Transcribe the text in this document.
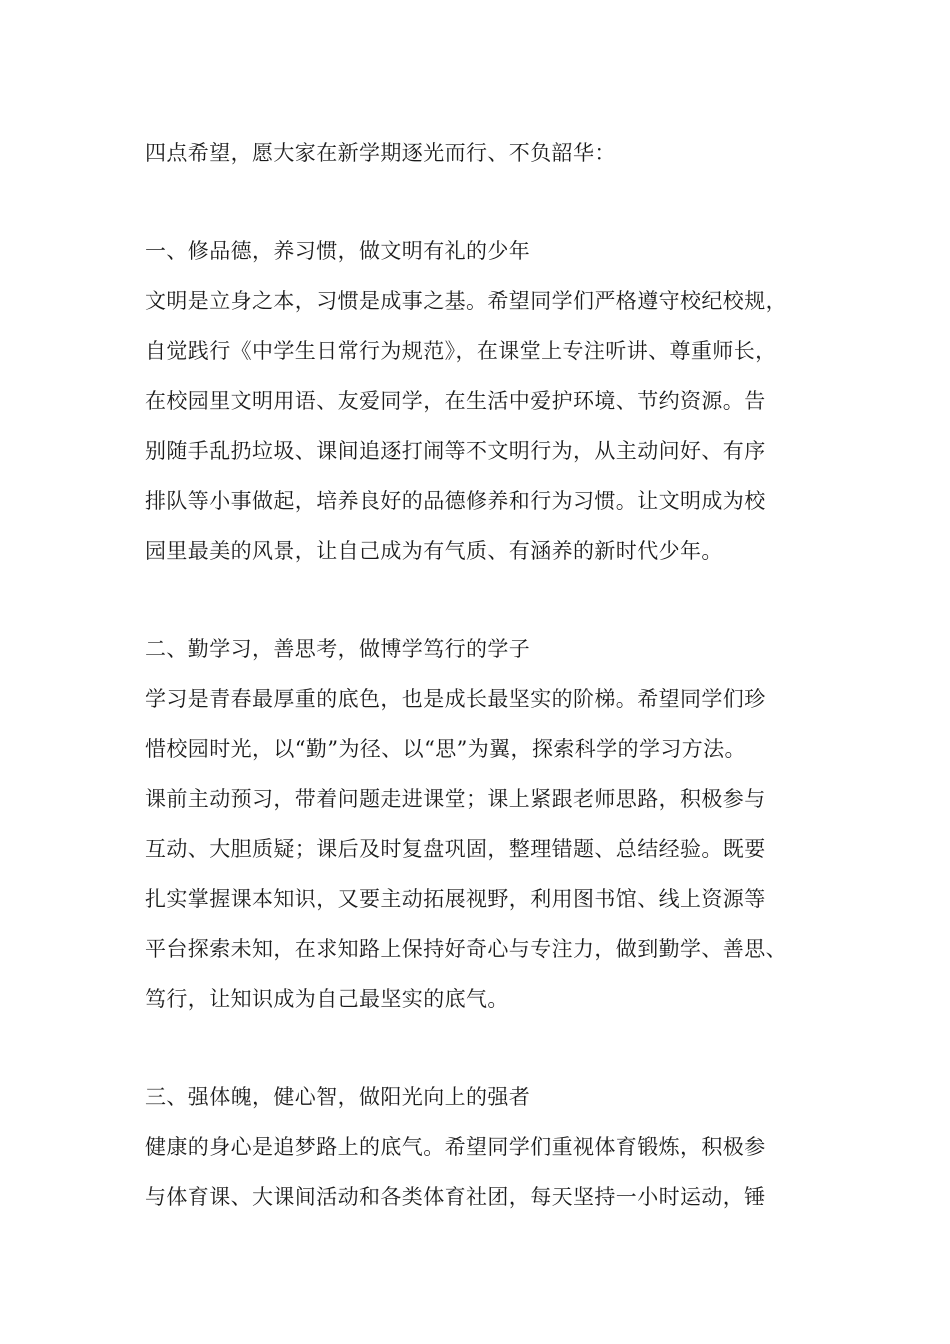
四点希望，愿大家在新学期逐光而行、不负韶华：
一、修品德，养习惯，做文明有礼的少年
文明是立身之本，习惯是成事之基。希望同学们严格遵守校纪校规，
自觉践行《中学生日常行为规范》，在课堂上专注听讲、尊重师长，
在校园里文明用语、友爱同学，在生活中爱护环境、节约资源。告
别随手乱扔垃圾、课间追逐打闹等不文明行为，从主动问好、有序
排队等小事做起，培养良好的品德修养和行为习惯。让文明成为校
园里最美的风景，让自己成为有气质、有涵养的新时代少年。
二、勤学习，善思考，做博学笃行的学子
学习是青春最厚重的底色，也是成长最坚实的阶梯。希望同学们珍
惜校园时光，以“勤”为径、以“思”为翼，探索科学的学习方法。
课前主动预习，带着问题走进课堂；课上紧跟老师思路，积极参与
互动、大胆质疑；课后及时复盘巩固，整理错题、总结经验。既要
扎实掌握课本知识，又要主动拓展视野，利用图书馆、线上资源等
平台探索未知，在求知路上保持好奇心与专注力，做到勤学、善思、
笃行，让知识成为自己最坚实的底气。
三、强体魄，健心智，做阳光向上的强者
健康的身心是追梦路上的底气。希望同学们重视体育锻炼，积极参
与体育课、大课间活动和各类体育社团，每天坚持一小时运动，锤
